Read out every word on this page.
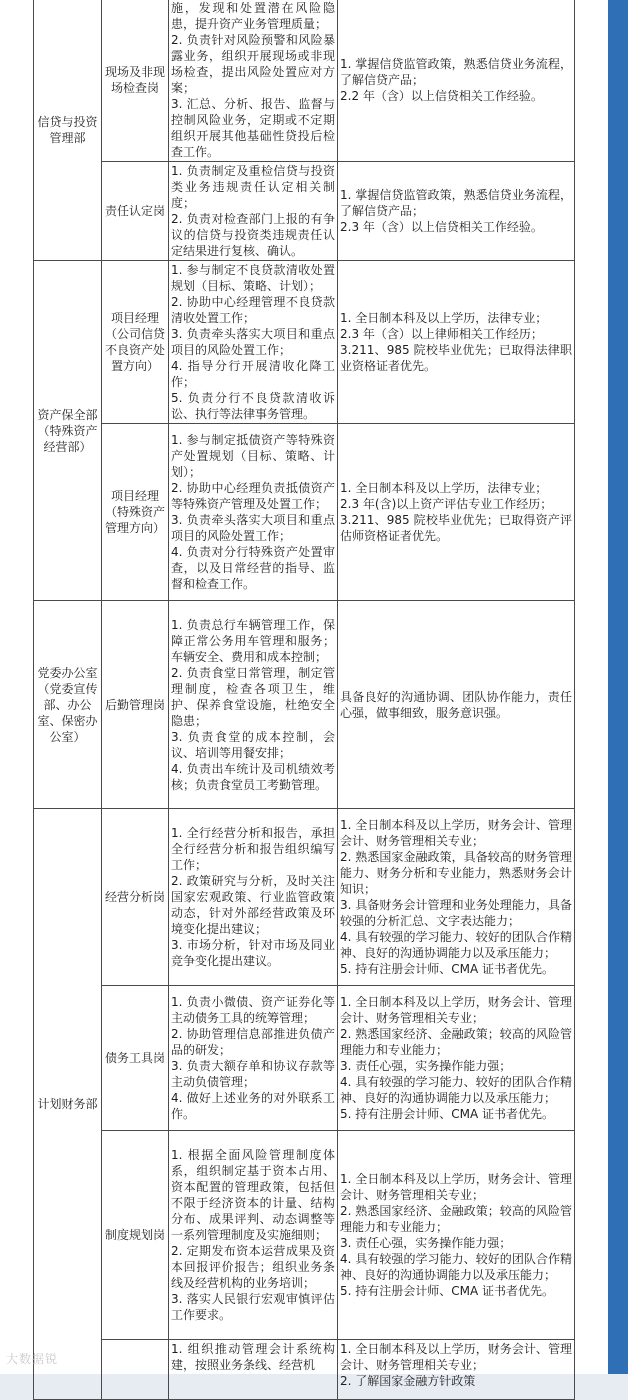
信贷与投资管理部	现场及非现场检查岗	施，发现和处置潜在风险隐患，提升资产业务管理质量；
2. 负责针对风险预警和风险暴露业务，组织开展现场或非现场检查，提出风险处置应对方案；
3. 汇总、分析、报告、监督与控制风险业务，定期或不定期组织开展其他基础性贷投后检查工作。	1. 掌握信贷监管政策，熟悉信贷业务流程，了解信贷产品；
2.2 年（含）以上信贷相关工作经验。

	责任认定岗	1. 负责制定及重检信贷与投资类业务违规责任认定相关制度；
2. 负责对检查部门上报的有争议的信贷与投资类违规责任认定结果进行复核、确认。	1. 掌握信贷监管政策，熟悉信贷业务流程，了解信贷产品；
2.3 年（含）以上信贷相关工作经验。

资产保全部（特殊资产经营部）	项目经理（公司信贷不良资产处置方向）	1. 参与制定不良贷款清收处置规划（目标、策略、计划）；
2. 协助中心经理管理不良贷款清收处置工作；
3. 负责牵头落实大项目和重点项目的风险处置工作；
4. 指导分行开展清收化降工作；
5. 负责分行不良贷款清收诉讼、执行等法律事务管理。	1. 全日制本科及以上学历，法律专业；
2.3 年（含）以上律师相关工作经历；
3.211、985 院校毕业优先；已取得法律职业资格证者优先。

	项目经理（特殊资产管理方向）	1. 参与制定抵债资产等特殊资产处置规划（目标、策略、计划）；
2. 协助中心经理负责抵债资产等特殊资产管理及处置工作；
3. 负责牵头落实大项目和重点项目的风险处置工作；
4. 负责对分行特殊资产处置审查，以及日常经营的指导、监督和检查工作。	1. 全日制本科及以上学历，法律专业；
2.3 年(含)以上资产评估专业工作经历；
3.211、985 院校毕业优先；已取得资产评估师资格证者优先。

党委办公室（党委宣传部、办公室、保密办公室）	后勤管理岗	1. 负责总行车辆管理工作，保障正常公务用车管理和服务；车辆安全、费用和成本控制；
2. 负责食堂日常管理，制定管理制度，检查各项卫生，维护、保养食堂设施，杜绝安全隐患；
3. 负责食堂的成本控制，会议、培训等用餐安排；
4. 负责出车统计及司机绩效考核；负责食堂员工考勤管理。	具备良好的沟通协调、团队协作能力，责任心强，做事细致，服务意识强。

计划财务部	经营分析岗	1. 全行经营分析和报告，承担全行经营分析和报告组织编写工作；
2. 政策研究与分析，及时关注国家宏观政策、行业监管政策动态，针对外部经营政策及环境变化提出建议；
3. 市场分析，针对市场及同业竞争变化提出建议。	1. 全日制本科及以上学历，财务会计、管理会计、财务管理相关专业；
2. 熟悉国家金融政策，具备较高的财务管理能力、财务分析和专业能力，熟悉财务会计知识；
3. 具备财务会计管理和业务处理能力，具备较强的分析汇总、文字表达能力；
4. 具有较强的学习能力、较好的团队合作精神、良好的沟通协调能力以及承压能力；
5. 持有注册会计师、CMA 证书者优先。

	债务工具岗	1. 负责小微债、资产证券化等主动债务工具的统筹管理；
2. 协助管理信息部推进负债产品的研发；
3. 负责大额存单和协议存款等主动负债管理；
4. 做好上述业务的对外联系工作。	1. 全日制本科及以上学历，财务会计、管理会计、财务管理相关专业；
2. 熟悉国家经济、金融政策；较高的风险管理能力和专业能力；
3. 责任心强，实务操作能力强；
4. 具有较强的学习能力、较好的团队合作精神、良好的沟通协调能力以及承压能力；
5. 持有注册会计师、CMA 证书者优先。

	制度规划岗	1. 根据全面风险管理制度体系，组织制定基于资本占用、资本配置的管理政策，包括但不限于经济资本的计量、结构分布、成果评判、动态调整等一系列管理制度及实施细则；
2. 定期发布资本运营成果及资本回报评价报告；组织业务条线及经营机构的业务培训；
3. 落实人民银行宏观审慎评估工作要求。	1. 全日制本科及以上学历，财务会计、管理会计、财务管理相关专业；
2. 熟悉国家经济、金融政策；较高的风险管理能力和专业能力；
3. 责任心强，实务操作能力强；
4. 具有较强的学习能力、较好的团队合作精神、良好的沟通协调能力以及承压能力；
5. 持有注册会计师、CMA 证书者优先。

		1. 组织推动管理会计系统构建，按照业务条线、经营机	1. 全日制本科及以上学历，财务会计、管理会计、财务管理相关专业；
2. 了解国家金融方针政策
大数据锐
